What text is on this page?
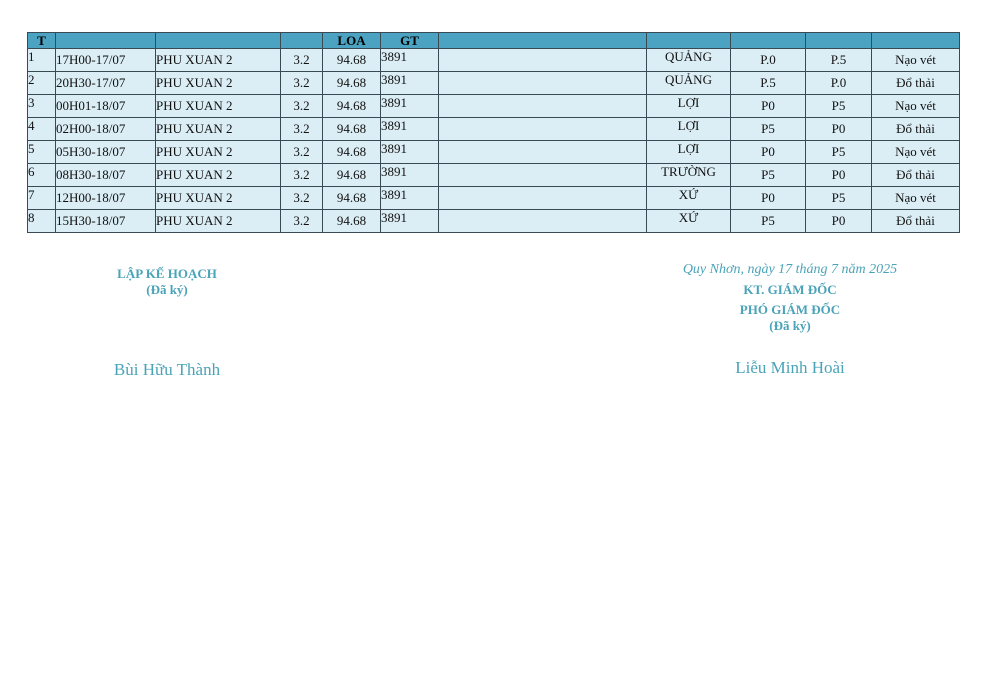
T				LOA	GT					
1	17H00-17/07	PHU XUAN 2	3.2	94.68	3891		QUẢNG	P.0	P.5	Nạo vét
2	20H30-17/07	PHU XUAN 2	3.2	94.68	3891		QUẢNG	P.5	P.0	Đổ thải
3	00H01-18/07	PHU XUAN 2	3.2	94.68	3891		LỢI	P0	P5	Nạo vét
4	02H00-18/07	PHU XUAN 2	3.2	94.68	3891		LỢI	P5	P0	Đổ thải
5	05H30-18/07	PHU XUAN 2	3.2	94.68	3891		LỢI	P0	P5	Nạo vét
6	08H30-18/07	PHU XUAN 2	3.2	94.68	3891		TRƯỜNG	P5	P0	Đổ thải
7	12H00-18/07	PHU XUAN 2	3.2	94.68	3891		XỨ	P0	P5	Nạo vét
8	15H30-18/07	PHU XUAN 2	3.2	94.68	3891		XỨ	P5	P0	Đổ thải
LẬP KẾ HOẠCH
(Đã ký)
Bùi Hữu Thành
Quy Nhơn, ngày 17 tháng 7 năm 2025
KT. GIÁM ĐỐC
PHÓ GIÁM ĐỐC
(Đã ký)
Liễu Minh Hoài
